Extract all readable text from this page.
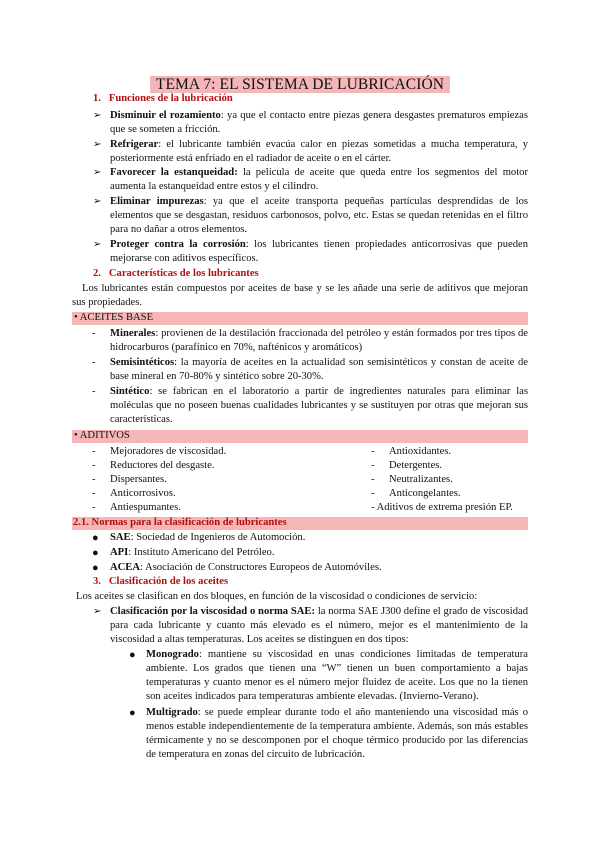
TEMA 7: EL SISTEMA DE LUBRICACIÓN
1. Funciones de la lubricación
➢ Disminuir el rozamiento: ya que el contacto entre piezas genera desgastes prematuros empiezas que se someten a fricción.
➢ Refrigerar: el lubricante también evacúa calor en piezas sometidas a mucha temperatura, y posteriormente está enfriado en el radiador de aceite o en el cárter.
➢ Favorecer la estanqueidad: la película de aceite que queda entre los segmentos del motor aumenta la estanqueidad entre estos y el cilindro.
➢ Eliminar impurezas: ya que el aceite transporta pequeñas partículas desprendidas de los elementos que se desgastan, residuos carbonosos, polvo, etc. Estas se quedan retenidas en el filtro para no dañar a otros elementos.
➢ Proteger contra la corrosión: los lubricantes tienen propiedades anticorrosivas que pueden mejorarse con aditivos específicos.
2. Características de los lubricantes
Los lubricantes están compuestos por aceites de base y se les añade una serie de aditivos que mejoran sus propiedades.
• ACEITES BASE
- Minerales: provienen de la destilación fraccionada del petróleo y están formados por tres tipos de hidrocarburos (parafínico en 70%, nafténicos y aromáticos)
- Semisintéticos: la mayoría de aceites en la actualidad son semisintéticos y constan de aceite de base mineral en 70-80% y sintético sobre 20-30%.
- Sintético: se fabrican en el laboratorio a partir de ingredientes naturales para eliminar las moléculas que no poseen buenas cualidades lubricantes y se sustituyen por otras que mejoran sus características.
• ADITIVOS
- Mejoradores de viscosidad.
- Reductores del desgaste.
- Dispersantes.
- Anticorrosivos.
- Antiespumantes.
- Antioxidantes.
- Detergentes.
- Neutralizantes.
- Anticongelantes.
- Aditivos de extrema presión EP.
2.1. Normas para la clasificación de lubricantes
● SAE: Sociedad de Ingenieros de Automoción.
● API: Instituto Americano del Petróleo.
● ACEA: Asociación de Constructores Europeos de Automóviles.
3. Clasificación de los aceites
Los aceites se clasifican en dos bloques, en función de la viscosidad o condiciones de servicio:
➢ Clasificación por la viscosidad o norma SAE: la norma SAE J300 define el grado de viscosidad para cada lubricante y cuanto más elevado es el número, mejor es el mantenimiento de la viscosidad a altas temperaturas. Los aceites se distinguen en dos tipos:
● Monogrado: mantiene su viscosidad en unas condiciones limitadas de temperatura ambiente. Los grados que tienen una “W” tienen un buen comportamiento a bajas temperaturas y cuanto menor es el número mejor fluidez de aceite. Los que no la tienen son aceites indicados para temperaturas ambiente elevadas. (Invierno-Verano).
● Multigrado: se puede emplear durante todo el año manteniendo una viscosidad más o menos estable independientemente de la temperatura ambiente. Además, son más estables térmicamente y no se descomponen por el choque térmico producido por las diferencias de temperatura en zonas del circuito de lubricación.
